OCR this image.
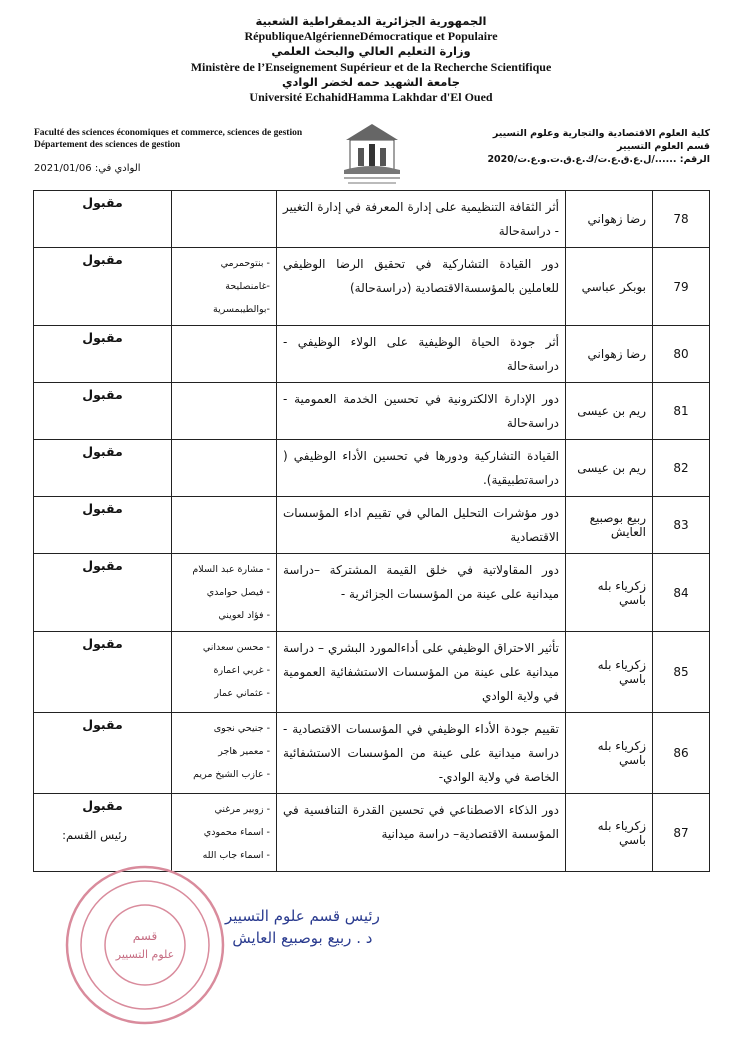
الجمهورية الجزائرية الديمقراطية الشعبية
RépubliqueAlgérienneDémocratique et Populaire
وزارة التعليم العالي والبحث العلمي
Ministère de l’Enseignement Supérieur et de la Recherche Scientifique
جامعة الشهيد حمه لخضر الوادي
Université EchahidHamma Lakhdar d'El Oued
Faculté des sciences économiques et commerce, sciences de gestion
Département des sciences de gestion
كلية العلوم الاقتصادية والتجارية وعلوم التسيير
قسم العلوم التسيير
الرقم: ....../ل.ع.ق.ع.ت/ك.ع.ق.ت.و.ع.ت/2020
الوادي في: 2021/01/06
78	رضا زهواني	أثر الثقافة التنظيمية على إدارة المعرفة في إدارة التغيير - دراسةحالة		مقبول
79	بوبكر عباسي	دور القيادة التشاركية في تحقيق الرضا الوظيفي للعاملين بالمؤسسةالاقتصادية (دراسةحالة)	- بنتوحمرمي
-غامنصليحة
-بوالطيبمسرية	مقبول
80	رضا زهواني	أثر جودة الحياة الوظيفية على الولاء الوظيفي - دراسةحالة		مقبول
81	ريم بن عيسى	دور الإدارة الالكترونية في تحسين الخدمة العمومية - دراسةحالة		مقبول
82	ريم بن عيسى	القيادة التشاركية ودورها في تحسين الأداء الوظيفي ( دراسةتطبيقية).		مقبول
83	ربيع بوصبيع العايش	دور مؤشرات التحليل المالي في تقييم اداء المؤسسات الاقتصادية		مقبول
84	زكرياء بله باسي	دور المقاولاتية في خلق القيمة المشتركة –دراسة ميدانية على عينة من المؤسسات الجزائرية -	- مشارة عبد السلام
- فيصل حوامدي
- فؤاد لعويني	مقبول
85	زكرياء بله باسي	تأثير الاحتراق الوظيفي على أداءالمورد البشري – دراسة ميدانية على عينة من المؤسسات الاستشفائية العمومية في ولاية الوادي	- محسن سعداني
- غربي اعمارة
- عثماني عمار	مقبول
86	زكرياء بله باسي	تقييم جودة الأداء الوظيفي في المؤسسات الاقتصادية - دراسة ميدانية على عينة من المؤسسات الاستشفائية الخاصة في ولاية الوادي-	- جنيحي نجوى
- معمير هاجر
- عازب الشيخ مريم	مقبول
87	زكرياء بله باسي	دور الذكاء الاصطناعي في تحسين القدرة التنافسية في المؤسسة الاقتصادية– دراسة ميدانية	- زوبير مرغني
- اسماء محمودي
- اسماء جاب الله	مقبول
رئيس القسم:
قسم
علوم التسيير
رئيس قسم علوم التسيير
د . ربيع بوصبيع العايش
